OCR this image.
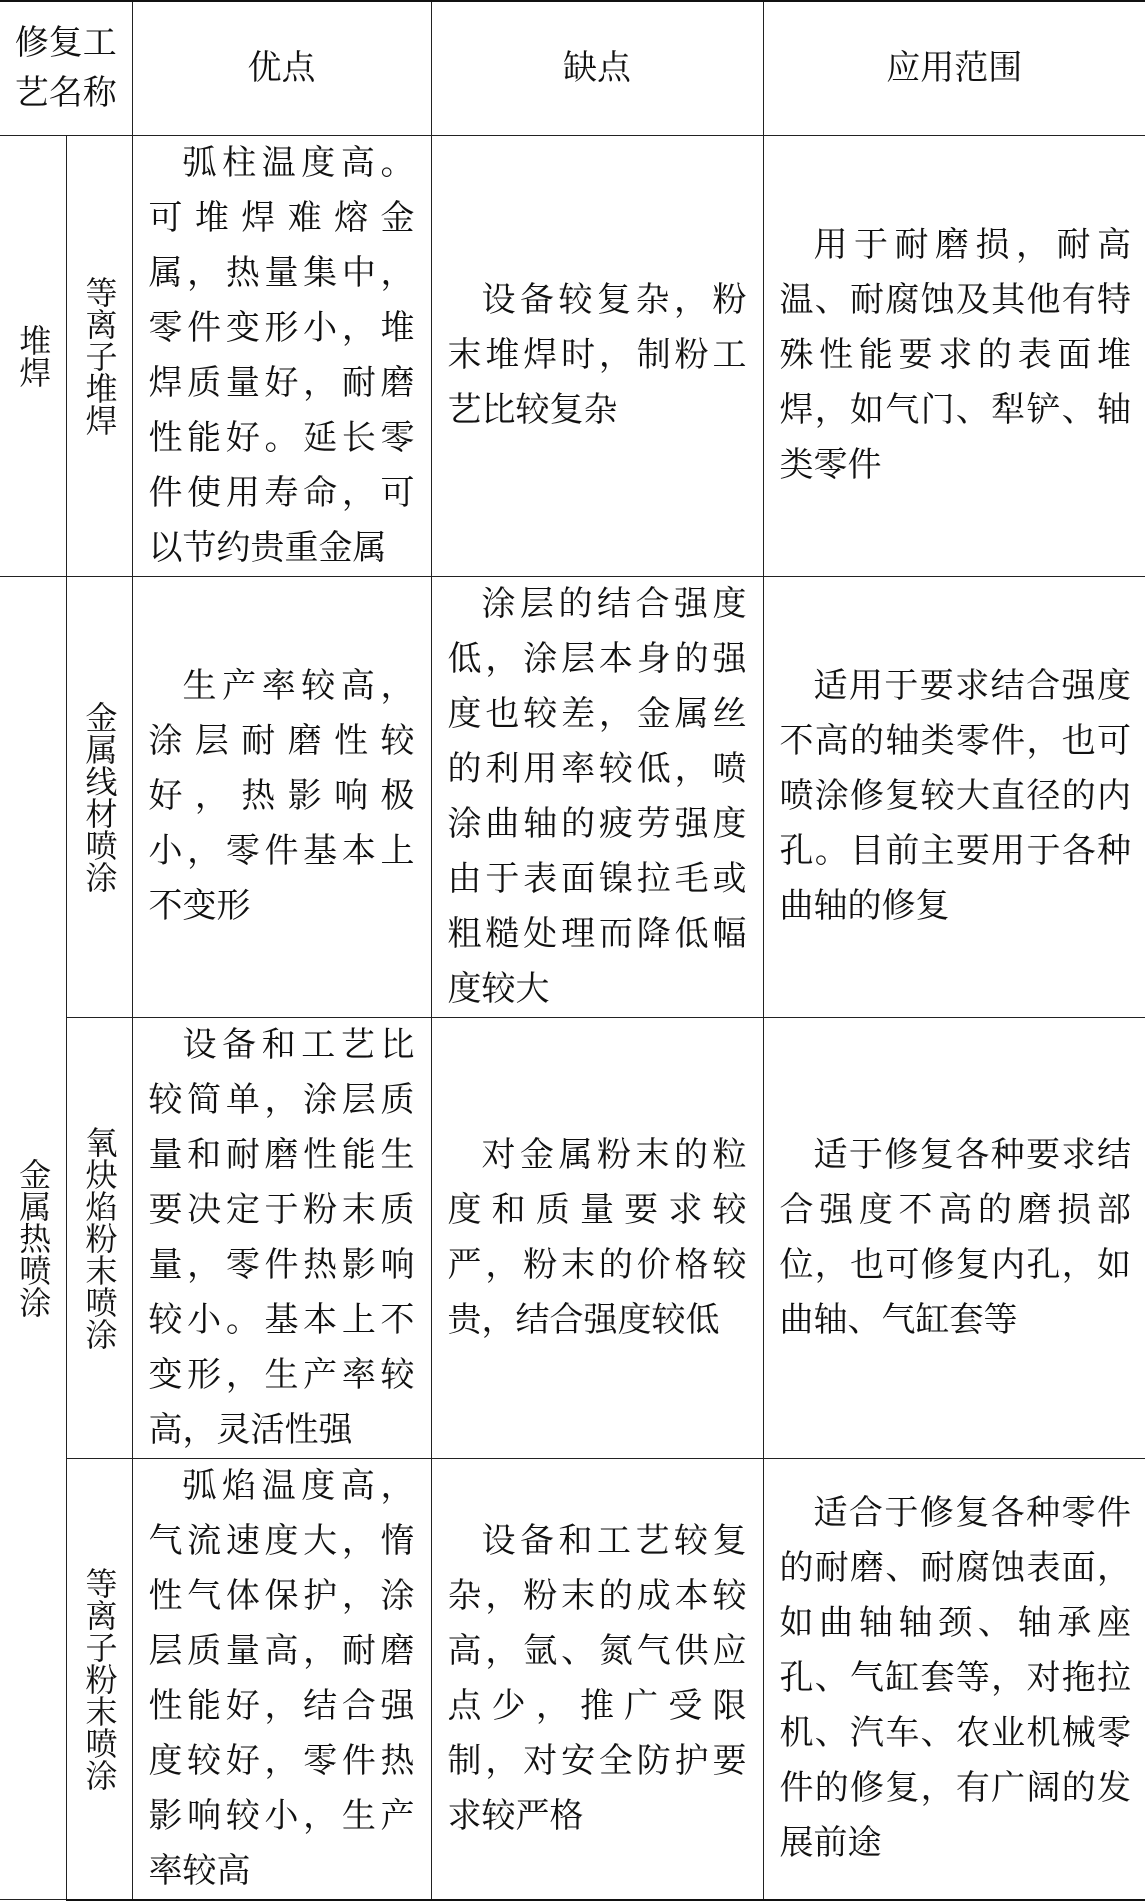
修复工艺名称		优点	缺点	应用范围
堆焊	等离子堆焊	弧柱温度高。可堆焊难熔金属，热量集中，零件变形小，堆焊质量好，耐磨性能好。延长零件使用寿命，可以节约贵重金属	设备较复杂，粉末堆焊时，制粉工艺比较复杂	用于耐磨损，耐高温、耐腐蚀及其他有特殊性能要求的表面堆焊，如气门、犁铲、轴类零件
金属热喷涂	金属线材喷涂	生产率较高，涂层耐磨性较好，热影响极小，零件基本上不变形	涂层的结合强度低，涂层本身的强度也较差，金属丝的利用率较低，喷涂曲轴的疲劳强度由于表面镍拉毛或粗糙处理而降低幅度较大	适用于要求结合强度不高的轴类零件，也可喷涂修复较大直径的内孔。目前主要用于各种曲轴的修复
	氧炔焰粉末喷涂	设备和工艺比较简单，涂层质量和耐磨性能生要决定于粉末质量，零件热影响较小。基本上不变形，生产率较高，灵活性强	对金属粉末的粒度和质量要求较严，粉末的价格较贵，结合强度较低	适于修复各种要求结合强度不高的磨损部位，也可修复内孔，如曲轴、气缸套等
	等离子粉末喷涂	弧焰温度高，气流速度大，惰性气体保护，涂层质量高，耐磨性能好，结合强度较好，零件热影响较小，生产率较高	设备和工艺较复杂，粉末的成本较高，氩、氮气供应点少，推广受限制，对安全防护要求较严格	适合于修复各种零件的耐磨、耐腐蚀表面，如曲轴轴颈、轴承座孔、气缸套等，对拖拉机、汽车、农业机械零件的修复，有广阔的发展前途
